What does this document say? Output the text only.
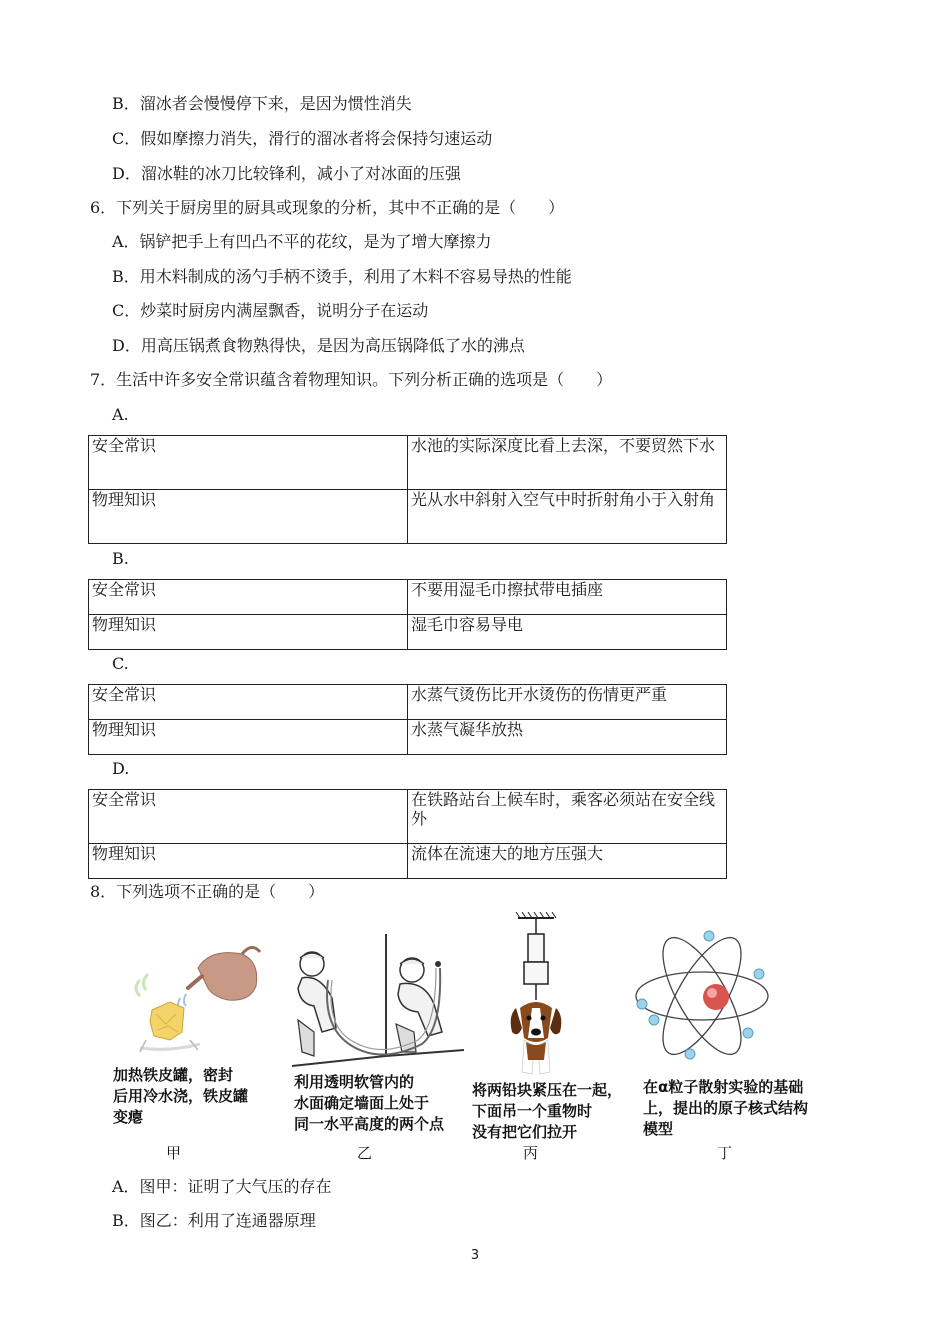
B．溜冰者会慢慢停下来，是因为惯性消失
C．假如摩擦力消失，滑行的溜冰者将会保持匀速运动
D．溜冰鞋的冰刀比较锋利，减小了对冰面的压强
6．下列关于厨房里的厨具或现象的分析，其中不正确的是（　　）
A．锅铲把手上有凹凸不平的花纹，是为了增大摩擦力
B．用木料制成的汤勺手柄不烫手，利用了木料不容易导热的性能
C．炒菜时厨房内满屋飘香，说明分子在运动
D．用高压锅煮食物熟得快，是因为高压锅降低了水的沸点
7．生活中许多安全常识蕴含着物理知识。下列分析正确的选项是（　　）
A.
安全常识	水池的实际深度比看上去深，不要贸然下水
物理知识	光从水中斜射入空气中时折射角小于入射角
B.
安全常识	不要用湿毛巾擦拭带电插座
物理知识	湿毛巾容易导电
C.
安全常识	水蒸气烫伤比开水烫伤的伤情更严重
物理知识	水蒸气凝华放热
D.
安全常识	在铁路站台上候车时，乘客必须站在安全线外
物理知识	流体在流速大的地方压强大
8．下列选项不正确的是（　　）
加热铁皮罐，密封
后用冷水浇，铁皮罐
变瘪
利用透明软管内的
水面确定墙面上处于
同一水平高度的两个点
将两铅块紧压在一起，
下面吊一个重物时
没有把它们拉开
在α粒子散射实验的基础
上，提出的原子核式结构
模型
甲	乙	丙	丁
A．图甲：证明了大气压的存在
B．图乙：利用了连通器原理
3
